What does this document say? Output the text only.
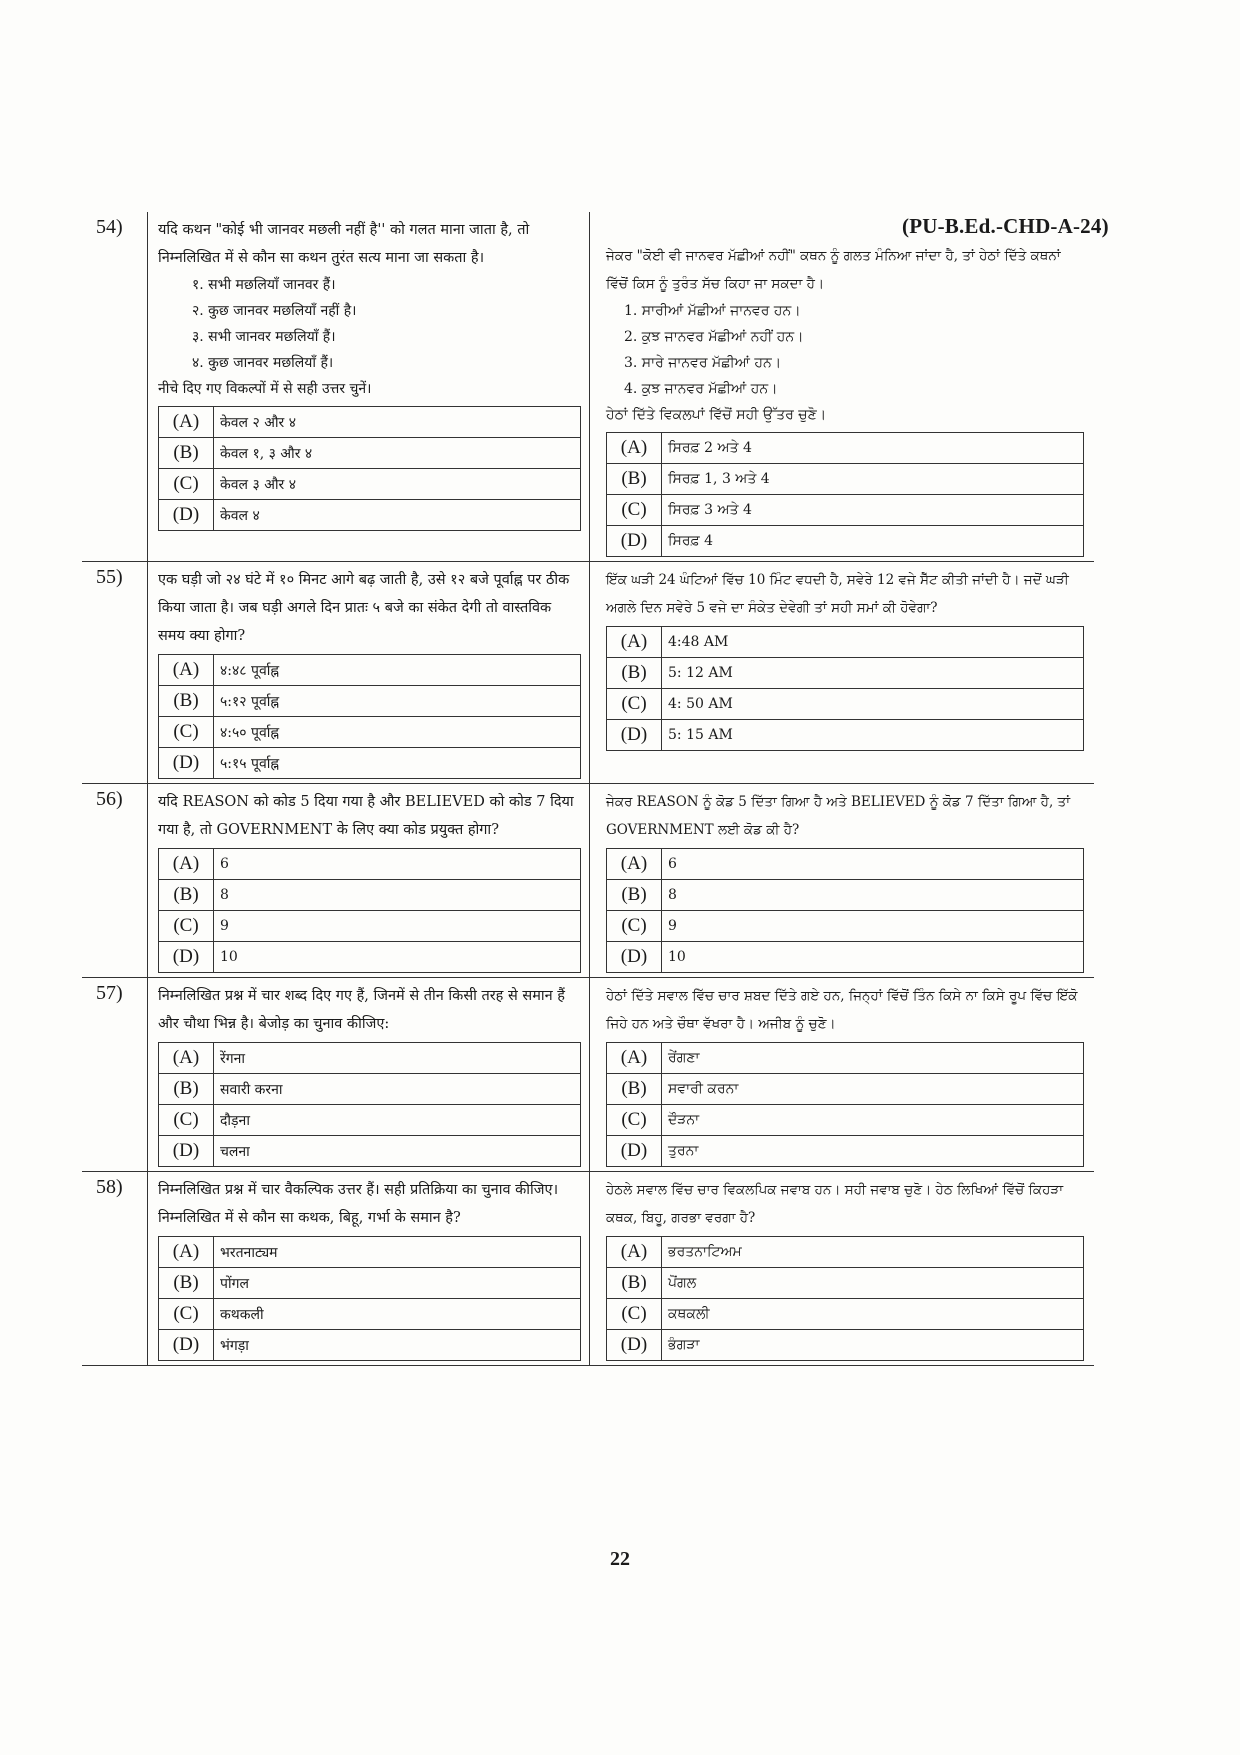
(PU-B.Ed.-CHD-A-24)
54)	यदि कथन "कोई भी जानवर मछली नहीं है'' को गलत माना जाता है, तो निम्नलिखित में से कौन सा कथन तुरंत सत्य माना जा सकता है।

१. सभी मछलियाँ जानवर हैं।
२. कुछ जानवर मछलियाँ नहीं है।
३. सभी जानवर मछलियाँ हैं।
४. कुछ जानवर मछलियाँ हैं।

नीचे दिए गए विकल्पों में से सही उत्तर चुनें।

(A)	केवल २ और ४
(B)	केवल १, ३ और ४
(C)	केवल ३ और ४
(D)	केवल ४

ਜੇਕਰ "ਕੋਈ ਵੀ ਜਾਨਵਰ ਮੱਛੀਆਂ ਨਹੀਂ" ਕਥਨ ਨੂੰ ਗਲਤ ਮੰਨਿਆ ਜਾਂਦਾ ਹੈ, ਤਾਂ ਹੇਠਾਂ ਦਿੱਤੇ ਕਥਨਾਂ ਵਿੱਚੋਂ ਕਿਸ ਨੂੰ ਤੁਰੰਤ ਸੱਚ ਕਿਹਾ ਜਾ ਸਕਦਾ ਹੈ।

1. ਸਾਰੀਆਂ ਮੱਛੀਆਂ ਜਾਨਵਰ ਹਨ।
2. ਕੁਝ ਜਾਨਵਰ ਮੱਛੀਆਂ ਨਹੀਂ ਹਨ।
3. ਸਾਰੇ ਜਾਨਵਰ ਮੱਛੀਆਂ ਹਨ।
4. ਕੁਝ ਜਾਨਵਰ ਮੱਛੀਆਂ ਹਨ।

ਹੇਠਾਂ ਦਿੱਤੇ ਵਿਕਲਪਾਂ ਵਿੱਚੋਂ ਸਹੀ ਉੱਤਰ ਚੁਣੋ।

(A)	ਸਿਰਫ਼ 2 ਅਤੇ 4
(B)	ਸਿਰਫ਼ 1, 3 ਅਤੇ 4
(C)	ਸਿਰਫ਼ 3 ਅਤੇ 4
(D)	ਸਿਰਫ਼ 4
55)	एक घड़ी जो २४ घंटे में १० मिनट आगे बढ़ जाती है, उसे १२ बजे पूर्वाह्न पर ठीक किया जाता है। जब घड़ी अगले दिन प्रातः ५ बजे का संकेत देगी तो वास्तविक समय क्या होगा?

(A)	४:४८ पूर्वाह्न
(B)	५:१२ पूर्वाह्न
(C)	४:५० पूर्वाह्न
(D)	५:१५ पूर्वाह्न

ਇੱਕ ਘੜੀ 24 ਘੰਟਿਆਂ ਵਿੱਚ 10 ਮਿੰਟ ਵਧਦੀ ਹੈ, ਸਵੇਰੇ 12 ਵਜੇ ਸੈੱਟ ਕੀਤੀ ਜਾਂਦੀ ਹੈ। ਜਦੋਂ ਘੜੀ ਅਗਲੇ ਦਿਨ ਸਵੇਰੇ 5 ਵਜੇ ਦਾ ਸੰਕੇਤ ਦੇਵੇਗੀ ਤਾਂ ਸਹੀ ਸਮਾਂ ਕੀ ਹੋਵੇਗਾ?

(A)	4:48 AM
(B)	5: 12 AM
(C)	4: 50 AM
(D)	5: 15 AM
56)	यदि REASON को कोड 5 दिया गया है और BELIEVED को कोड 7 दिया गया है, तो GOVERNMENT के लिए क्या कोड प्रयुक्त होगा?

(A)	6
(B)	8
(C)	9
(D)	10

ਜੇਕਰ REASON ਨੂੰ ਕੋਡ 5 ਦਿੱਤਾ ਗਿਆ ਹੈ ਅਤੇ BELIEVED ਨੂੰ ਕੋਡ 7 ਦਿੱਤਾ ਗਿਆ ਹੈ, ਤਾਂ GOVERNMENT ਲਈ ਕੋਡ ਕੀ ਹੈ?

(A)	6
(B)	8
(C)	9
(D)	10
57)	निम्नलिखित प्रश्न में चार शब्द दिए गए हैं, जिनमें से तीन किसी तरह से समान हैं और चौथा भिन्न है। बेजोड़ का चुनाव कीजिए:

(A)	रेंगना
(B)	सवारी करना
(C)	दौड़ना
(D)	चलना

ਹੇਠਾਂ ਦਿੱਤੇ ਸਵਾਲ ਵਿੱਚ ਚਾਰ ਸ਼ਬਦ ਦਿੱਤੇ ਗਏ ਹਨ, ਜਿਨ੍ਹਾਂ ਵਿੱਚੋਂ ਤਿੰਨ ਕਿਸੇ ਨਾ ਕਿਸੇ ਰੂਪ ਵਿੱਚ ਇੱਕੋ ਜਿਹੇ ਹਨ ਅਤੇ ਚੌਥਾ ਵੱਖਰਾ ਹੈ। ਅਜੀਬ ਨੂੰ ਚੁਣੋ।

(A)	ਰੇਂਗਣਾ
(B)	ਸਵਾਰੀ ਕਰਨਾ
(C)	ਦੌੜਨਾ
(D)	ਤੁਰਨਾ
58)	निम्नलिखित प्रश्न में चार वैकल्पिक उत्तर हैं। सही प्रतिक्रिया का चुनाव कीजिए। निम्नलिखित में से कौन सा कथक, बिहू, गर्भा के समान है?

(A)	भरतनाट्यम
(B)	पोंगल
(C)	कथकली
(D)	भंगड़ा

ਹੇਠਲੇ ਸਵਾਲ ਵਿੱਚ ਚਾਰ ਵਿਕਲਪਿਕ ਜਵਾਬ ਹਨ। ਸਹੀ ਜਵਾਬ ਚੁਣੋ। ਹੇਠ ਲਿਖਿਆਂ ਵਿੱਚੋਂ ਕਿਹੜਾ ਕਥਕ, ਬਿਹੂ, ਗਰਭਾ ਵਰਗਾ ਹੈ?

(A)	ਭਰਤਨਾਟਿਅਮ
(B)	ਪੋਂਗਲ
(C)	ਕਥਕਲੀ
(D)	ਭੰਗੜਾ
22
